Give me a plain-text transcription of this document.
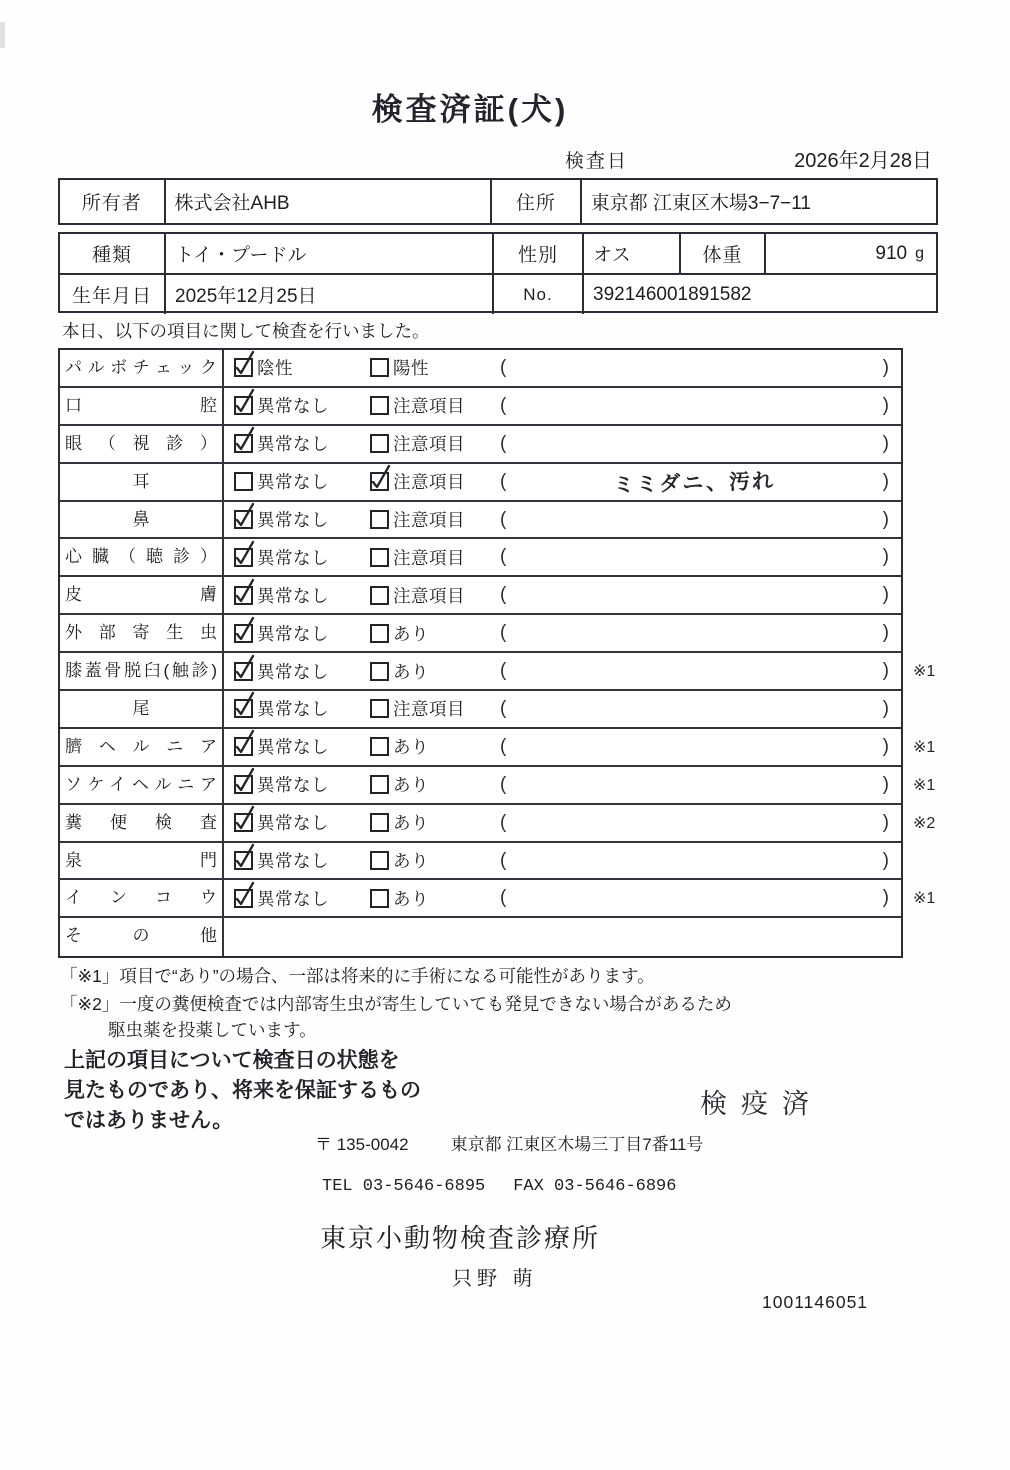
検査済証(犬)
検査日	2026年2月28日
所有者	株式会社AHB	住所	東京都 江東区木場3−7−11
種類	トイ・プードル	性別	オス	体重	910 g
生年月日	2025年12月25日	No.	392146001891582
本日、以下の項目に関して検査を行いました。
パルボチェック	陰性	陽性	(	)
口腔	異常なし	注意項目 (	)
眼（視診）	異常なし	注意項目 (	)
耳	異常なし	注意項目 (	ミミダニ、汚れ	)
鼻	異常なし	注意項目 (	)
心臓（聴診）	異常なし	注意項目 (	)
皮膚	異常なし	注意項目 (	)
外部寄生虫	異常なし	あり	(	)
膝蓋骨脱臼(触診)	異常なし	あり	(	) ※1
尾	異常なし	注意項目 (	)
臍ヘルニア	異常なし	あり	(	) ※1
ソケイヘルニア	異常なし	あり	(	) ※1
糞便検査	異常なし	あり	(	) ※2
泉門	異常なし	あり	(	)
インコウ	異常なし	あり	(	) ※1
その他
「※1」項目で“あり”の場合、一部は将来的に手術になる可能性があります。
「※2」一度の糞便検査では内部寄生虫が寄生していても発見できない場合があるため
駆虫薬を投薬しています。
上記の項目について検査日の状態を
見たものであり、将来を保証するもの
ではありません。
検疫済
〒 135-0042 東京都 江東区木場三丁目7番11号
TEL 03-5646-6895 FAX 03-5646-6896
東京小動物検査診療所
只野 萌
1001146051
